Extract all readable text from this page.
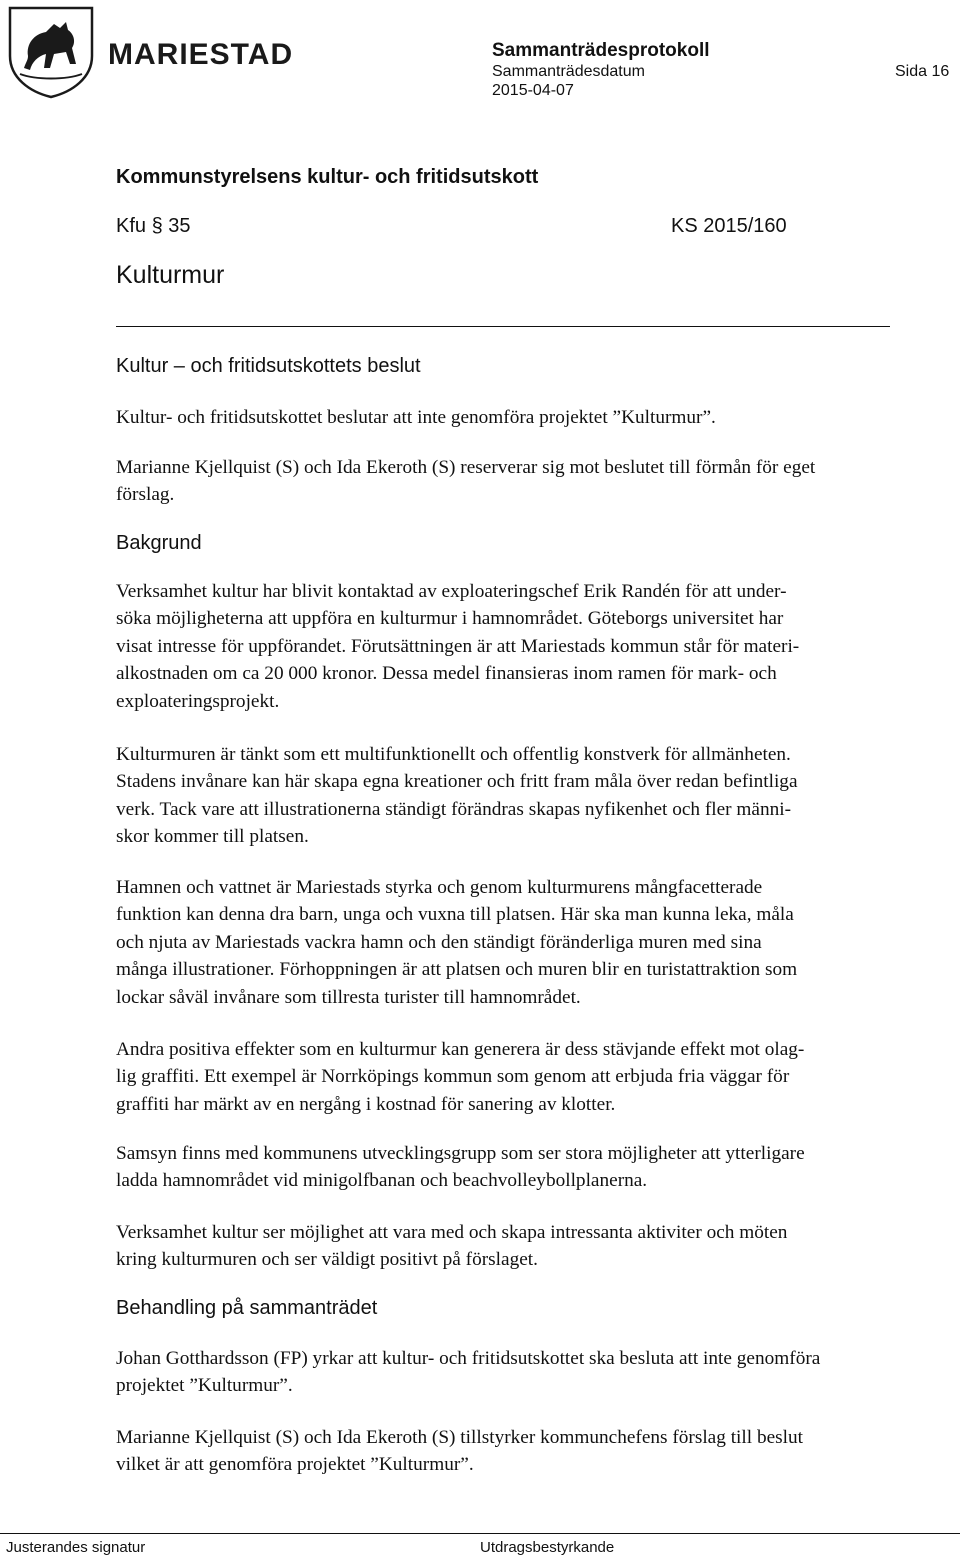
MARIESTAD	Sammanträdesprotokoll
Sammanträdesdatum
2015-04-07
Sida 16
Kommunstyrelsens kultur- och fritidsutskott
Kfu § 35	KS 2015/160
Kulturmur
Kultur – och fritidsutskottets beslut
Kultur- och fritidsutskottet beslutar att inte genomföra projektet ”Kulturmur”.
Marianne Kjellquist (S) och Ida Ekeroth (S) reserverar sig mot beslutet till förmån för eget
förslag.
Bakgrund
Verksamhet kultur har blivit kontaktad av exploateringschef Erik Randén för att under-
söka möjligheterna att uppföra en kulturmur i hamnområdet. Göteborgs universitet har
visat intresse för uppförandet. Förutsättningen är att Mariestads kommun står för materi-
alkostnaden om ca 20 000 kronor. Dessa medel finansieras inom ramen för mark- och
exploateringsprojekt.
Kulturmuren är tänkt som ett multifunktionellt och offentlig konstverk för allmänheten.
Stadens invånare kan här skapa egna kreationer och fritt fram måla över redan befintliga
verk. Tack vare att illustrationerna ständigt förändras skapas nyfikenhet och fler männi-
skor kommer till platsen.
Hamnen och vattnet är Mariestads styrka och genom kulturmurens mångfacetterade
funktion kan denna dra barn, unga och vuxna till platsen. Här ska man kunna leka, måla
och njuta av Mariestads vackra hamn och den ständigt föränderliga muren med sina
många illustrationer. Förhoppningen är att platsen och muren blir en turistattraktion som
lockar såväl invånare som tillresta turister till hamnområdet.
Andra positiva effekter som en kulturmur kan generera är dess stävjande effekt mot olag-
lig graffiti. Ett exempel är Norrköpings kommun som genom att erbjuda fria väggar för
graffiti har märkt av en nergång i kostnad för sanering av klotter.
Samsyn finns med kommunens utvecklingsgrupp som ser stora möjligheter att ytterligare
ladda hamnområdet vid minigolfbanan och beachvolleybollplanerna.
Verksamhet kultur ser möjlighet att vara med och skapa intressanta aktiviter och möten
kring kulturmuren och ser väldigt positivt på förslaget.
Behandling på sammanträdet
Johan Gotthardsson (FP) yrkar att kultur- och fritidsutskottet ska besluta att inte genomföra
projektet ”Kulturmur”.
Marianne Kjellquist (S) och Ida Ekeroth (S) tillstyrker kommunchefens förslag till beslut
vilket är att genomföra projektet ”Kulturmur”.
Justerandes signatur	Utdragsbestyrkande
